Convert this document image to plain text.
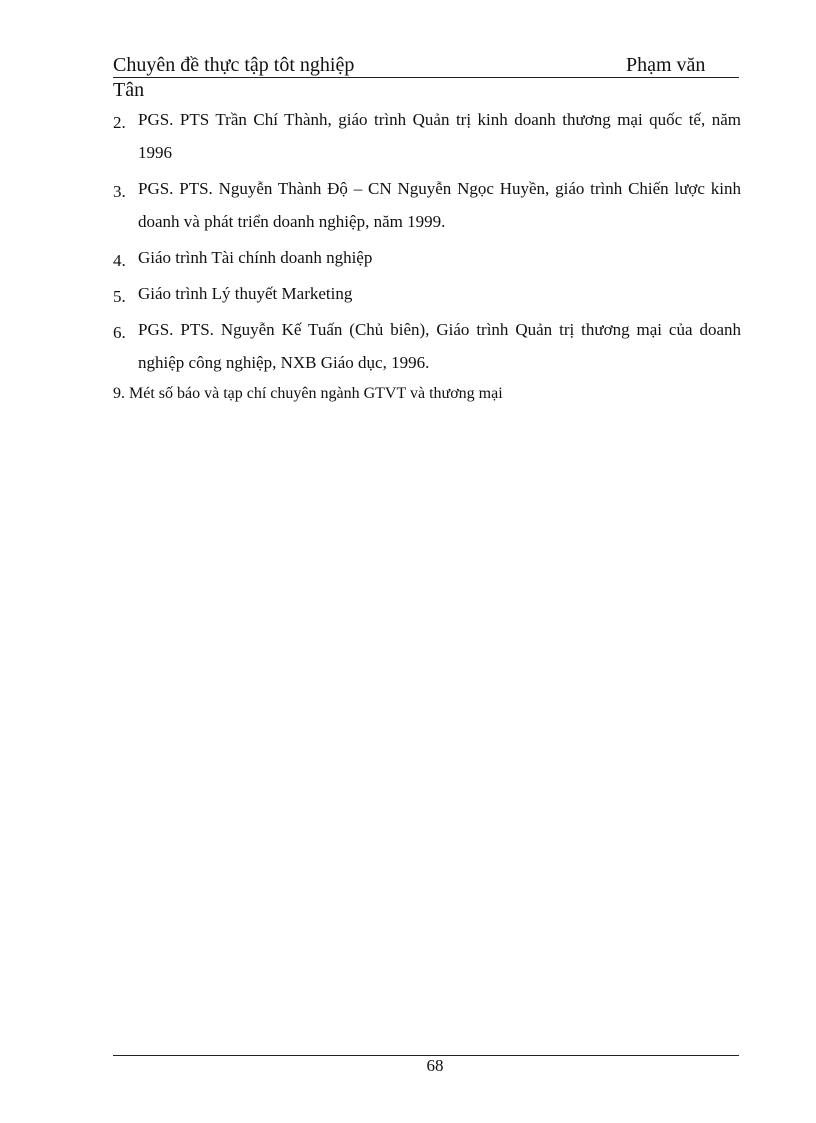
Chuyên đề thực tập tôt nghiệp	Phạm văn
Tân
2. PGS. PTS Trần Chí Thành, giáo trình Quản trị kinh doanh thương mại quốc tế, năm 1996
3. PGS. PTS. Nguyễn Thành Độ – CN Nguyễn Ngọc Huyền, giáo trình Chiến lược kinh doanh và phát triển doanh nghiệp, năm 1999.
4. Giáo trình Tài chính doanh nghiệp
5. Giáo trình Lý thuyết Marketing
6. PGS. PTS. Nguyễn Kế Tuấn (Chủ biên), Giáo trình Quản trị thương mại của doanh nghiệp công nghiệp, NXB Giáo dục, 1996.
9. Mét số báo và tạp chí chuyên ngành GTVT và thương mại
68
